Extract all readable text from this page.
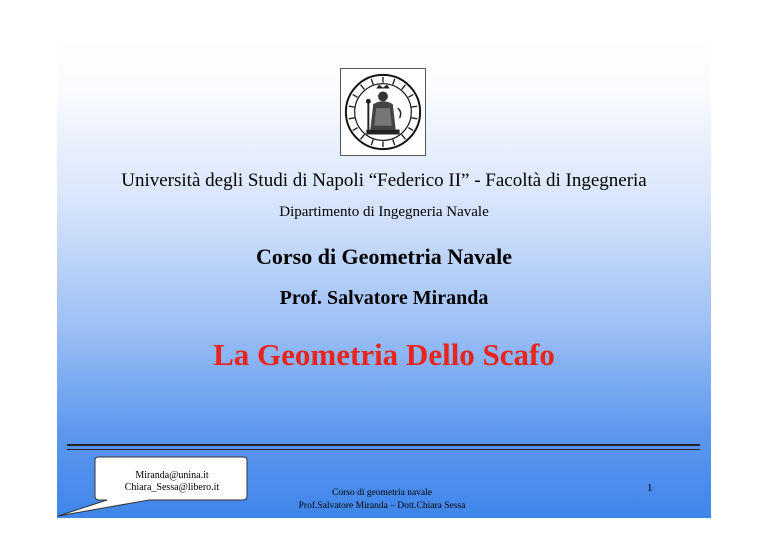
Università degli Studi di Napoli “Federico II” - Facoltà di Ingegneria
Dipartimento di Ingegneria Navale
Corso di Geometria Navale
Prof. Salvatore Miranda
La Geometria Dello Scafo
Miranda@unina.it
Chiara_Sessa@libero.it	Corso di geometria navale
Prof.Salvatore Miranda – Dott.Chiara Sessa
1
